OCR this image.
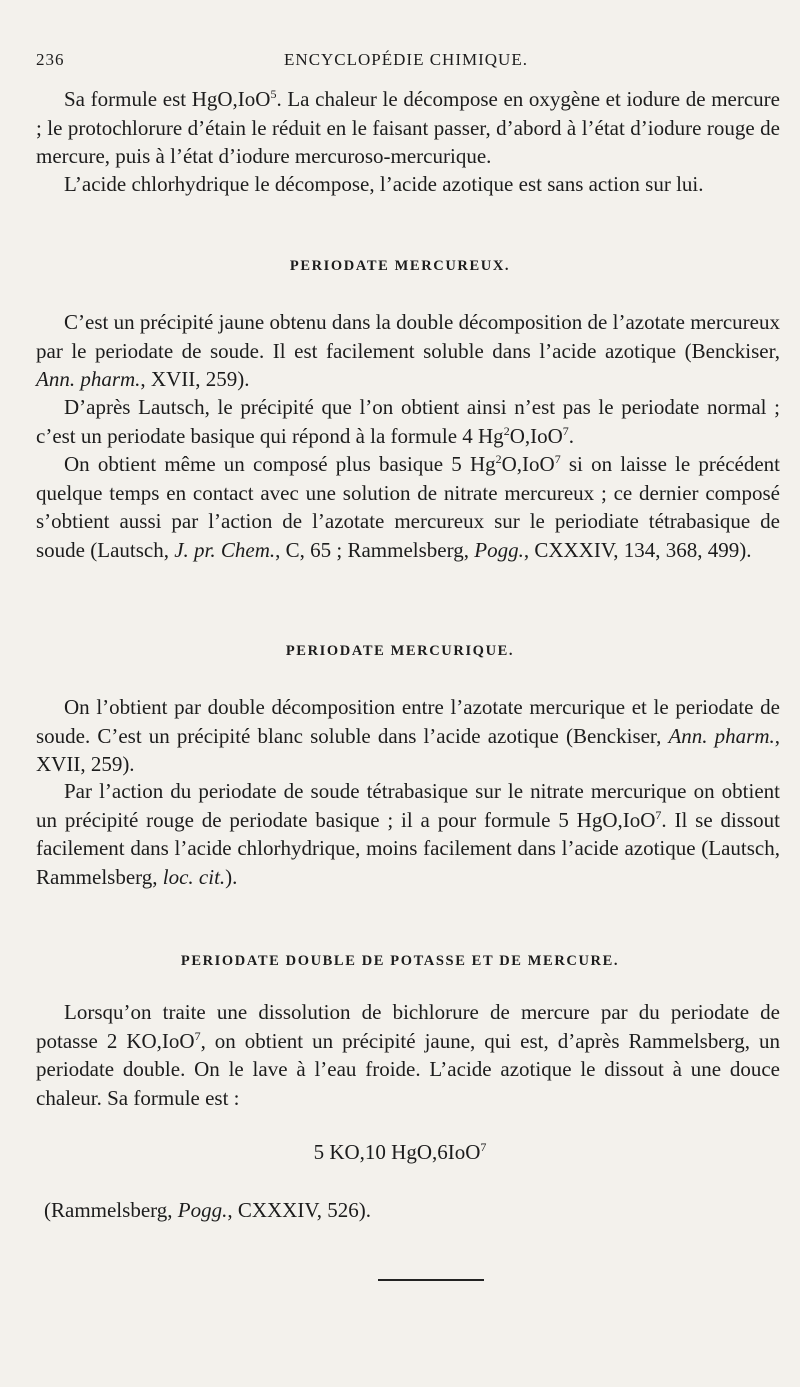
236	ENCYCLOPÉDIE CHIMIQUE.

Sa formule est HgO,IoO$^5$. La chaleur le décompose en oxygène et iodure de mercure ; le protochlorure d’étain le réduit en le faisant passer, d’abord à l’état d’iodure rouge de mercure, puis à l’état d’iodure mercuroso-mercurique.

L’acide chlorhydrique le décompose, l’acide azotique est sans action sur lui.

PERIODATE MERCUREUX.

C’est un précipité jaune obtenu dans la double décomposition de l’azotate mercureux par le periodate de soude. Il est facilement soluble dans l’acide azotique (Benckiser, Ann. pharm., XVII, 259).

D’après Lautsch, le précipité que l’on obtient ainsi n’est pas le periodate normal ; c’est un periodate basique qui répond à la formule 4 Hg$^2$O,IoO$^7$.

On obtient même un composé plus basique 5 Hg$^2$O,IoO$^7$ si on laisse le précédent quelque temps en contact avec une solution de nitrate mercureux ; ce dernier composé s’obtient aussi par l’action de l’azotate mercureux sur le periodiate tétrabasique de soude (Lautsch, J. pr. Chem., C, 65 ; Rammelsberg, Pogg., CXXXIV, 134, 368, 499).

PERIODATE MERCURIQUE.

On l’obtient par double décomposition entre l’azotate mercurique et le periodate de soude. C’est un précipité blanc soluble dans l’acide azotique (Benckiser, Ann. pharm., XVII, 259).

Par l’action du periodate de soude tétrabasique sur le nitrate mercurique on obtient un précipité rouge de periodate basique ; il a pour formule 5 HgO,IoO$^7$. Il se dissout facilement dans l’acide chlorhydrique, moins facilement dans l’acide azotique (Lautsch, Rammelsberg, loc. cit.).

PERIODATE DOUBLE DE POTASSE ET DE MERCURE.

Lorsqu’on traite une dissolution de bichlorure de mercure par du periodate de potasse 2 KO,IoO$^7$, on obtient un précipité jaune, qui est, d’après Rammelsberg, un periodate double. On le lave à l’eau froide. L’acide azotique le dissout à une douce chaleur. Sa formule est :

5 KO,10 HgO,6IoO$^7$

(Rammelsberg, Pogg., CXXXIV, 526).
